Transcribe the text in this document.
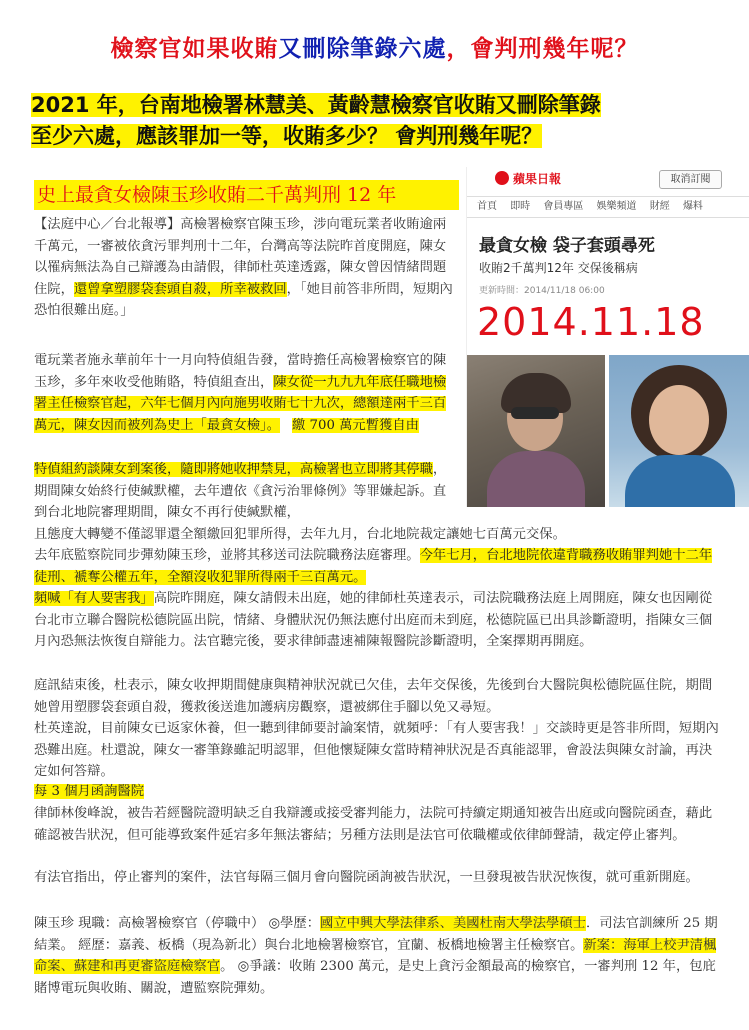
檢察官如果收賄又刪除筆錄六處，會判刑幾年呢？
2021 年，台南地檢署林慧美、黃齡慧檢察官收賄又刪除筆錄
至少六處，應該罪加一等，收賄多少？ 會判刑幾年呢？
史上最貪女檢陳玉珍收賄二千萬判刑 12 年
蘋果日報	取消訂閱
首頁 即時 會員專區 娛樂頻道 財經 爆料
最貪女檢 袋子套頭尋死
收賄2千萬判12年 交保後稱病
更新時間：2014/11/18 06:00
2014.11.18
【法庭中心／台北報導】高檢署檢察官陳玉珍，涉向電玩業者收賄逾兩千萬元，一審被依貪污罪判刑十二年，台灣高等法院昨首度開庭，陳女以罹病無法為自己辯護為由請假，律師杜英達透露，陳女曾因情緒問題住院，還曾拿塑膠袋套頭自殺，所幸被救回，「她目前答非所問，短期內恐怕很難出庭。」
電玩業者施永華前年十一月向特偵組告發，當時擔任高檢署檢察官的陳玉珍，多年來收受他賄賂，特偵組查出，陳女從一九九九年底任職地檢署主任檢察官起，六年七個月內向施男收賄七十九次，總額達兩千三百萬元，陳女因而被列為史上「最貪女檢」。 繳 700 萬元暫獲自由
特偵組約談陳女到案後，隨即將她收押禁見，高檢署也立即將其停職，期間陳女始終行使緘默權，去年遭依《貪污治罪條例》等罪嫌起訴。直到台北地院審理期間，陳女不再行使緘默權，
且態度大轉變不僅認罪還全額繳回犯罪所得，去年九月，台北地院裁定讓她七百萬元交保。
去年底監察院同步彈劾陳玉珍，並將其移送司法院職務法庭審理。今年七月，台北地院依違背職務收賄罪判她十二年徒刑、褫奪公權五年，全額沒收犯罪所得兩千三百萬元。
頻喊「有人要害我」高院昨開庭，陳女請假未出庭，她的律師杜英達表示，司法院職務法庭上周開庭，陳女也因剛從台北市立聯合醫院松德院區出院，情緒、身體狀況仍無法應付出庭而未到庭，松德院區已出具診斷證明，指陳女三個月內恐無法恢復自辯能力。法官聽完後，要求律師盡速補陳報醫院診斷證明，全案擇期再開庭。
庭訊結束後，杜表示，陳女收押期間健康與精神狀況就已欠佳，去年交保後，先後到台大醫院與松德院區住院，期間她曾用塑膠袋套頭自殺，獲救後送進加護病房觀察，還被綁住手腳以免又尋短。
杜英達說，目前陳女已返家休養，但一聽到律師要討論案情，就頻呼：「有人要害我！」交談時更是答非所問，短期內恐難出庭。杜還說，陳女一審筆錄雖記明認罪，但他懷疑陳女當時精神狀況是否真能認罪，會設法與陳女討論，再決定如何答辯。
每 3 個月函詢醫院
律師林俊峰說，被告若經醫院證明缺乏自我辯護或接受審判能力，法院可持續定期通知被告出庭或向醫院函查，藉此確認被告狀況，但可能導致案件延宕多年無法審結；另種方法則是法官可依職權或依律師聲請，裁定停止審判。
有法官指出，停止審判的案件，法官每隔三個月會向醫院函詢被告狀況，一旦發現被告狀況恢復，就可重新開庭。
陳玉珍 現職：高檢署檢察官（停職中） ◎學歷：國立中興大學法律系、美國杜南大學法學碩士．司法官訓練所 25 期結業。 經歷：嘉義、板橋（現為新北）與台北地檢署檢察官，宜蘭、板橋地檢署主任檢察官。新案：海軍上校尹清楓命案、蘇建和再更審盜庭檢察官。 ◎爭議：收賄 2300 萬元，是史上貪污金額最高的檢察官，一審判刑 12 年，包庇賭博電玩與收賄、關說，遭監察院彈劾。
